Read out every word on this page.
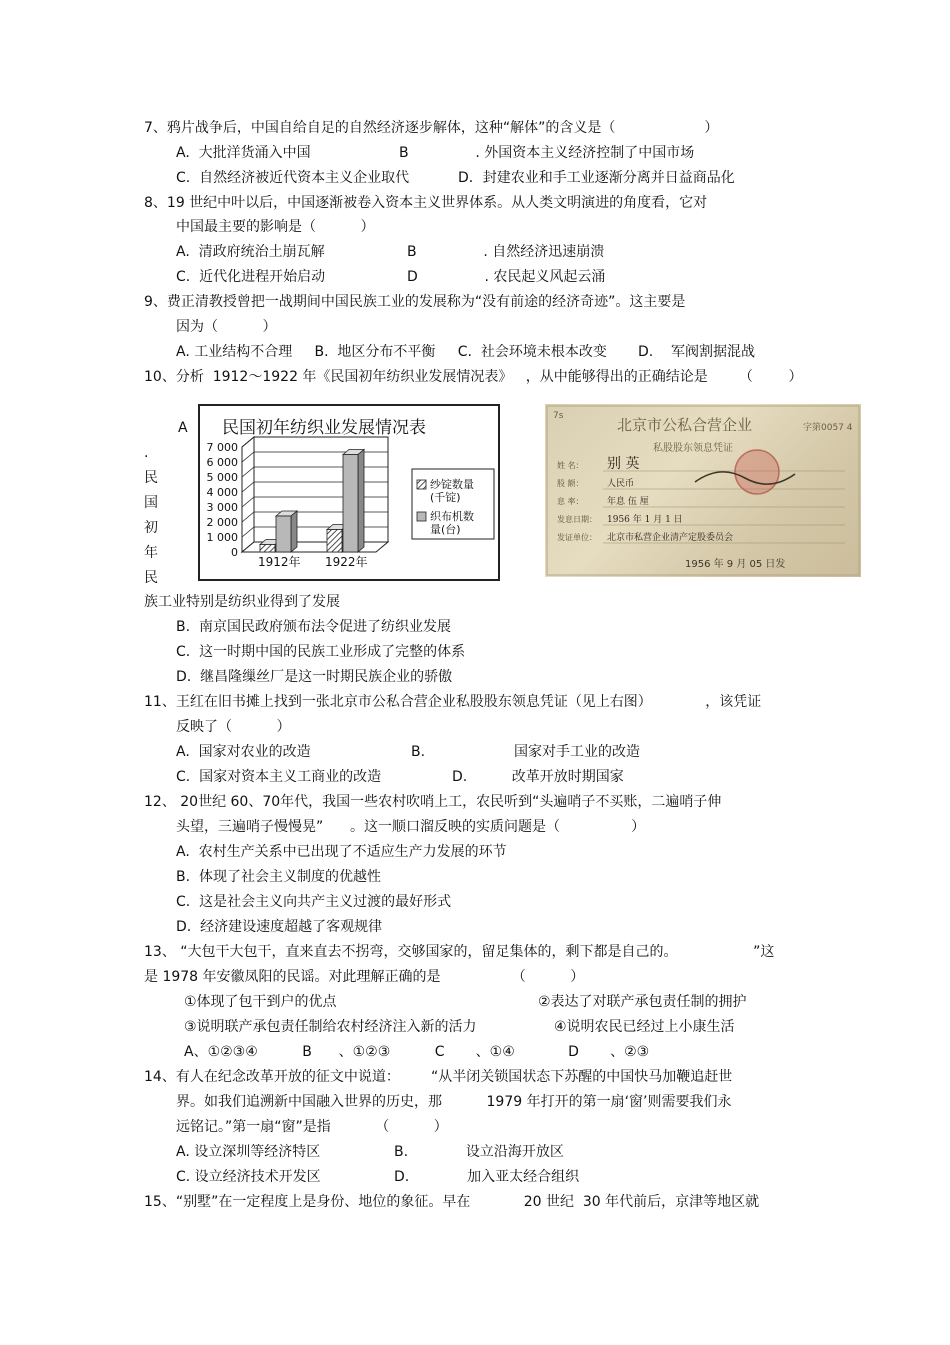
7、鸦片战争后，中国自给自足的自然经济逐步解体，这种“解体”的含义是（                    ）
A.  大批洋货涌入中国	B               . 外国资本主义经济控制了中国市场
C.  自然经济被近代资本主义企业取代	D．封建农业和手工业逐渐分离并日益商品化
8、19 世纪中叶以后，中国逐渐被卷入资本主义世界体系。从人类文明演进的角度看，它对
中国最主要的影响是（          ）
A.  清政府统治土崩瓦解	B               . 自然经济迅速崩溃
C.  近代化进程开始启动	D               . 农民起义风起云涌
9、费正清教授曾把一战期间中国民族工业的发展称为“没有前途的经济奇迹”。这主要是
因为（          ）
A. 工业结构不合理     B.  地区分布不平衡     C.  社会环境未根本改变       D.    军阀割据混战
10、分析  1912～1922 年《民国初年纺织业发展情况表》   ，从中能够得出的正确结论是       （        ）
A
.
民
国
初
年
民
民国初年纺织业发展情况表
7 000
6 000
5 000
4 000
3 000
2 000
1 000
0
1912年 1922年
纱锭数量
(千锭)
织布机数
量(台)
7s	北京市公私合营企业
私股股东领息凭证
字第0057 4
姓 名： 别 英
股 额：	人民币
息 率：	年息 伍 厘
发息日期： 1956 年 1 月 1 日
发证单位： 北京市私营企业清产定股委员会
1956 年 9 月 05 日发
族工业特别是纺织业得到了发展
B.  南京国民政府颁布法令促进了纺织业发展
C.  这一时期中国的民族工业形成了完整的体系
D.  继昌隆缫丝厂是这一时期民族企业的骄傲
11、王红在旧书摊上找到一张北京市公私合营企业私股股东领息凭证（见上右图）            ，该凭证
反映了（          ）
A.  国家对农业的改造	B.                    国家对手工业的改造
C.  国家对资本主义工商业的改造	D.          改革开放时期国家
12、 20世纪 60、70年代，我国一些农村吹哨上工，农民听到“头遍哨子不买账，二遍哨子伸
头望，三遍哨子慢慢晃”      。这一顺口溜反映的实质问题是（                ）
A.  农村生产关系中已出现了不适应生产力发展的环节
B.  体现了社会主义制度的优越性
C.  这是社会主义向共产主义过渡的最好形式
D.  经济建设速度超越了客观规律
13、 “大包干大包干，直来直去不拐弯，交够国家的，留足集体的，剩下都是自己的。                 ”这
是 1978 年安徽凤阳的民谣。对此理解正确的是                （          ）
①体现了包干到户的优点	②表达了对联产承包责任制的拥护
③说明联产承包责任制给农村经济注入新的活力	④说明农民已经过上小康生活
A、①②③④          B      、①②③          C       、①④            D       、②③
14、有人在纪念改革开放的征文中说道：       “从半闭关锁国状态下苏醒的中国快马加鞭追赶世
界。如我们追溯新中国融入世界的历史，那          1979 年打开的第一扇‘窗’则需要我们永
远铭记。”第一扇“窗”是指          （          ）
A. 设立深圳等经济特区	B.             设立沿海开放区
C. 设立经济技术开发区	D.             加入亚太经合组织
15、“别墅”在一定程度上是身份、地位的象征。早在            20 世纪  30 年代前后，京津等地区就
